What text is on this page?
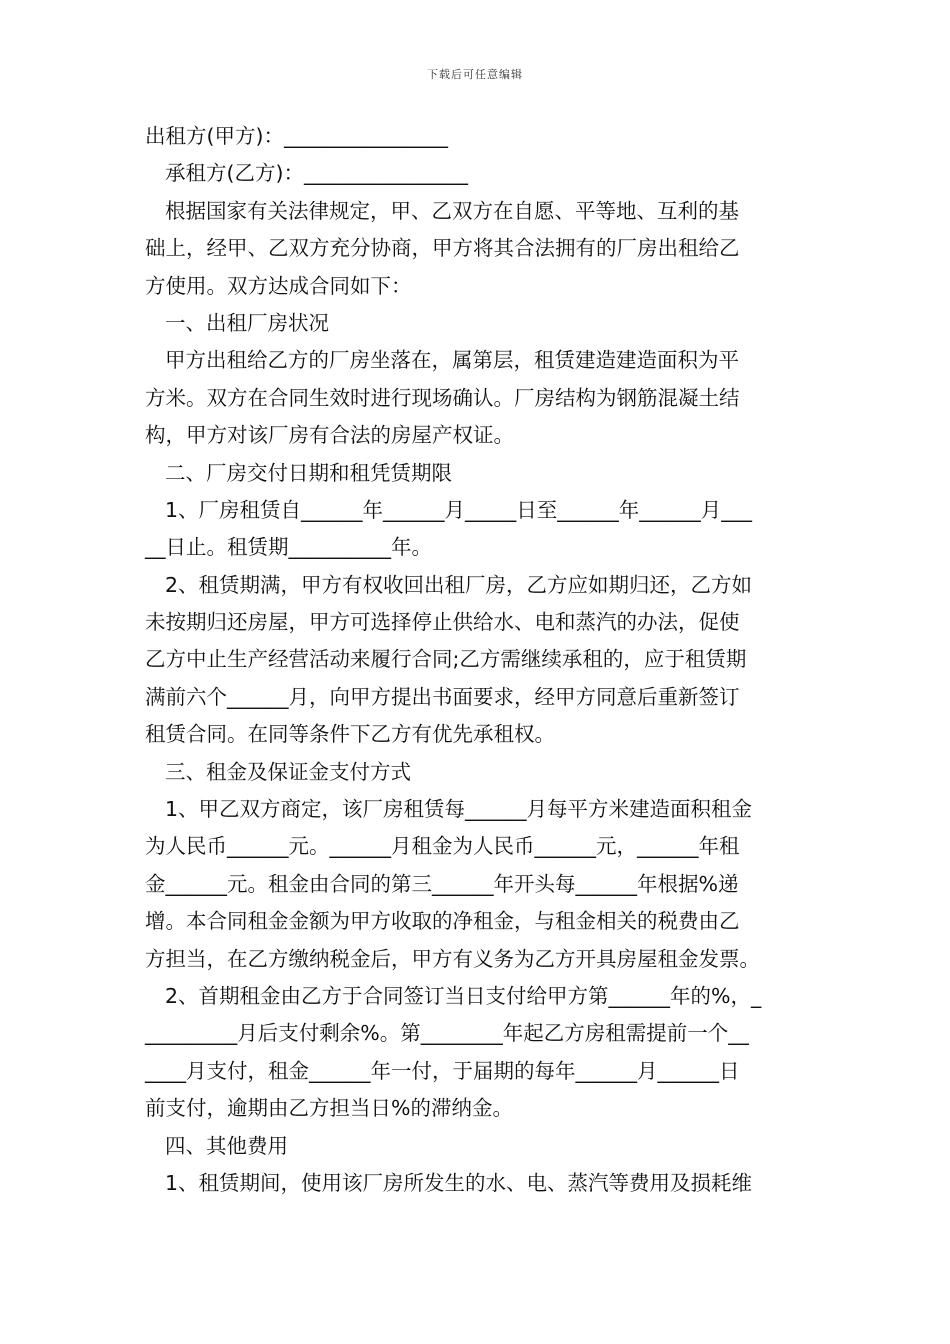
下载后可任意编辑
出租方(甲方)：________________
承租方(乙方)：________________
根据国家有关法律规定，甲、乙双方在自愿、平等地、互利的基
础上，经甲、乙双方充分协商，甲方将其合法拥有的厂房出租给乙
方使用。双方达成合同如下：
一、出租厂房状况
甲方出租给乙方的厂房坐落在，属第层，租赁建造建造面积为平
方米。双方在合同生效时进行现场确认。厂房结构为钢筋混凝土结
构，甲方对该厂房有合法的房屋产权证。
二、厂房交付日期和租凭赁期限
1、厂房租赁自______年______月_____日至______年______月___
__日止。租赁期__________年。
2、租赁期满，甲方有权收回出租厂房，乙方应如期归还，乙方如
未按期归还房屋，甲方可选择停止供给水、电和蒸汽的办法，促使
乙方中止生产经营活动来履行合同;乙方需继续承租的，应于租赁期
满前六个______月，向甲方提出书面要求，经甲方同意后重新签订
租赁合同。在同等条件下乙方有优先承租权。
三、租金及保证金支付方式
1、甲乙双方商定，该厂房租赁每______月每平方米建造面积租金
为人民币______元。______月租金为人民币______元，______年租
金______元。租金由合同的第三______年开头每______年根据%递
增。本合同租金金额为甲方收取的净租金，与租金相关的税费由乙
方担当，在乙方缴纳税金后，甲方有义务为乙方开具房屋租金发票。
2、首期租金由乙方于合同签订当日支付给甲方第______年的%，_
_________月后支付剩余%。第________年起乙方房租需提前一个__
____月支付，租金______年一付，于届期的每年______月______日
前支付，逾期由乙方担当日%的滞纳金。
四、其他费用
1、租赁期间，使用该厂房所发生的水、电、蒸汽等费用及损耗维
